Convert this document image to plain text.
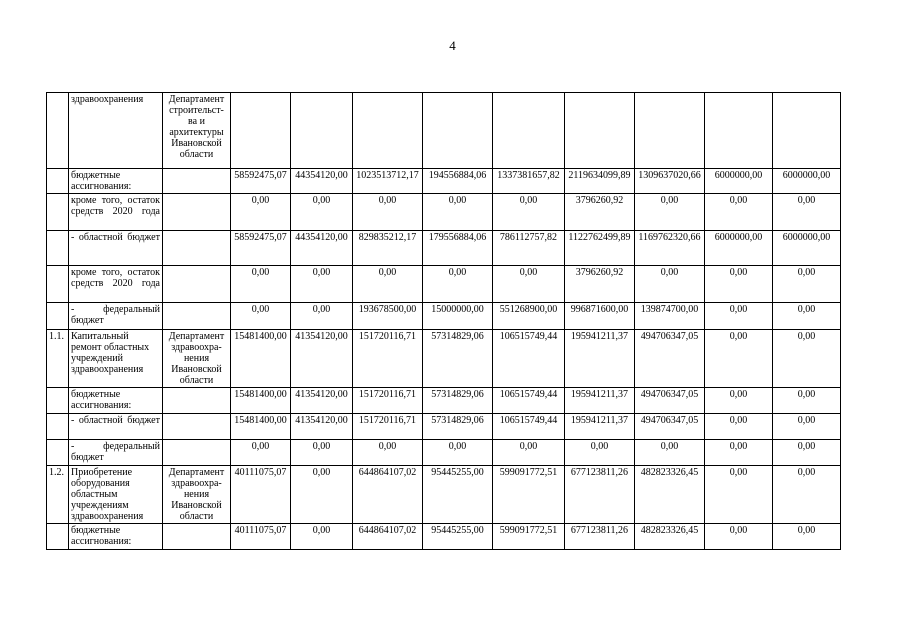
4
	здравоохранения	Департамент строительст-ва и архитектуры Ивановской области									
	бюджетные ассигнования:		58592475,07	44354120,00	1023513712,17	194556884,06	1337381657,82	2119634099,89	1309637020,66	6000000,00	6000000,00
	кроме того, остаток средств 2020 года		0,00	0,00	0,00	0,00	0,00	3796260,92	0,00	0,00	0,00
	- областной бюджет		58592475,07	44354120,00	829835212,17	179556884,06	786112757,82	1122762499,89	1169762320,66	6000000,00	6000000,00
	кроме того, остаток средств 2020 года		0,00	0,00	0,00	0,00	0,00	3796260,92	0,00	0,00	0,00
	- федеральный бюджет		0,00	0,00	193678500,00	15000000,00	551268900,00	996871600,00	139874700,00	0,00	0,00
1.1.	Капитальный ремонт областных учреждений здравоохранения	Департамент здравоохра-нения Ивановской области	15481400,00	41354120,00	151720116,71	57314829,06	106515749,44	195941211,37	494706347,05	0,00	0,00
	бюджетные ассигнования:		15481400,00	41354120,00	151720116,71	57314829,06	106515749,44	195941211,37	494706347,05	0,00	0,00
	- областной бюджет		15481400,00	41354120,00	151720116,71	57314829,06	106515749,44	195941211,37	494706347,05	0,00	0,00
	- федеральный бюджет		0,00	0,00	0,00	0,00	0,00	0,00	0,00	0,00	0,00
1.2.	Приобретение оборудования областным учреждениям здравоохранения	Департамент здравоохра-нения Ивановской области	40111075,07	0,00	644864107,02	95445255,00	599091772,51	677123811,26	482823326,45	0,00	0,00
	бюджетные ассигнования:		40111075,07	0,00	644864107,02	95445255,00	599091772,51	677123811,26	482823326,45	0,00	0,00
